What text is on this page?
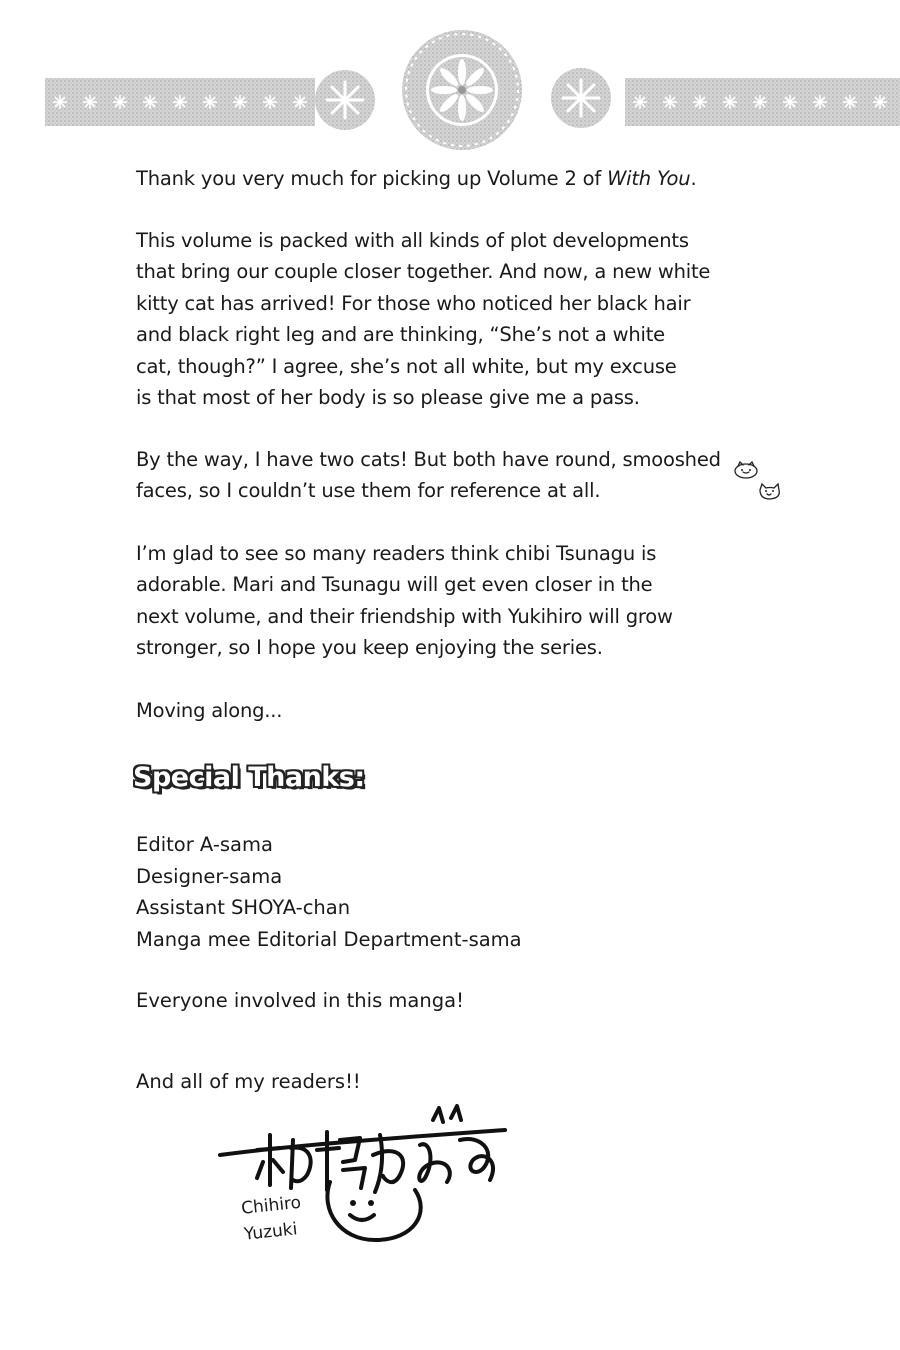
Thank you very much for picking up Volume 2 of With You.

This volume is packed with all kinds of plot developments
that bring our couple closer together. And now, a new white
kitty cat has arrived! For those who noticed her black hair
and black right leg and are thinking, “She’s not a white
cat, though?” I agree, she’s not all white, but my excuse
is that most of her body is so please give me a pass.

By the way, I have two cats! But both have round, smooshed
faces, so I couldn’t use them for reference at all.

I’m glad to see so many readers think chibi Tsunagu is
adorable. Mari and Tsunagu will get even closer in the
next volume, and their friendship with Yukihiro will grow
stronger, so I hope you keep enjoying the series.

Moving along...

Special Thanks:
Editor A-sama
Designer-sama
Assistant SHOYA-chan
Manga mee Editorial Department-sama
Everyone involved in this manga!
And all of my readers!!
Chihiro
Yuzuki
